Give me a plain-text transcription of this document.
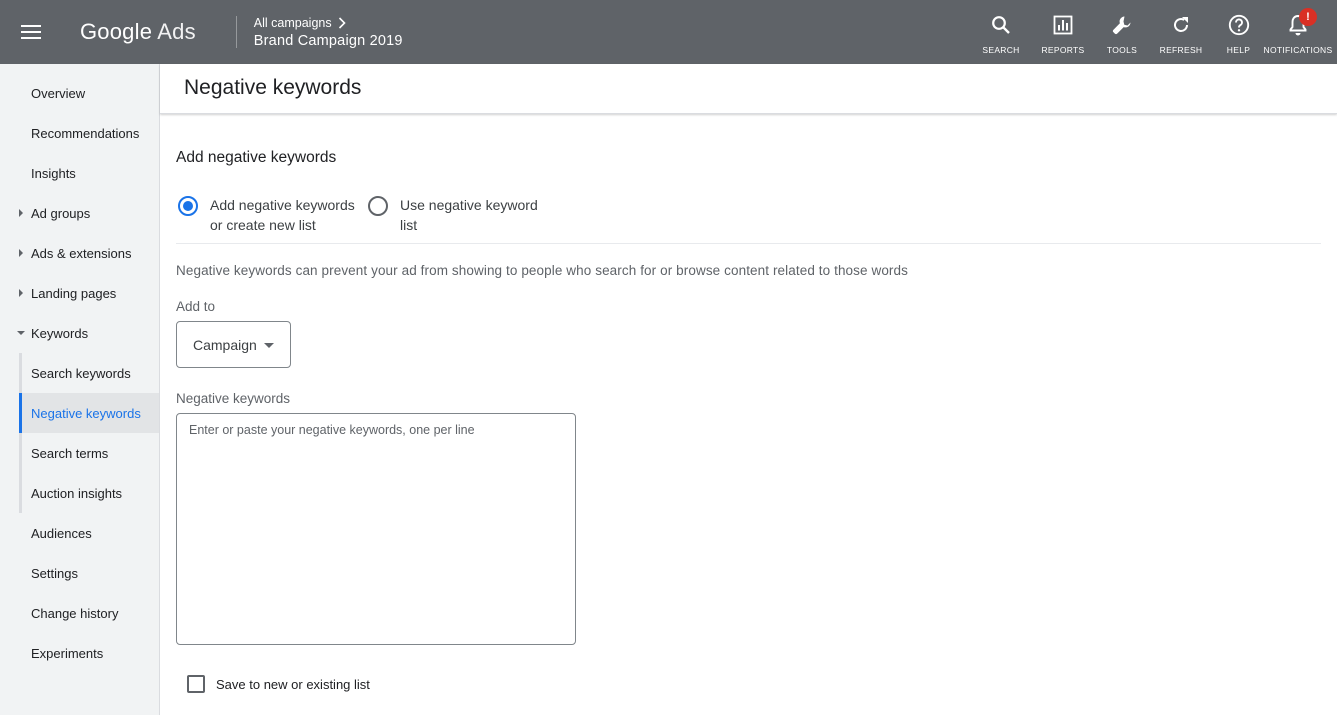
Google Ads	All campaigns
Brand Campaign 2019
SEARCH	REPORTS	TOOLS	REFRESH	HELP
!
NOTIFICATIONS
Overview
Recommendations
Insights
Ad groups
Ads & extensions
Landing pages
Keywords
Search keywords
Negative keywords
Search terms
Auction insights
Audiences
Settings
Change history
Experiments
Negative keywords
Add negative keywords
Add negative keywords or create new list
Use negative keyword list
Negative keywords can prevent your ad from showing to people who search for or browse content related to those words
Add to
Campaign
Negative keywords
Enter or paste your negative keywords, one per line
Save to new or existing list
